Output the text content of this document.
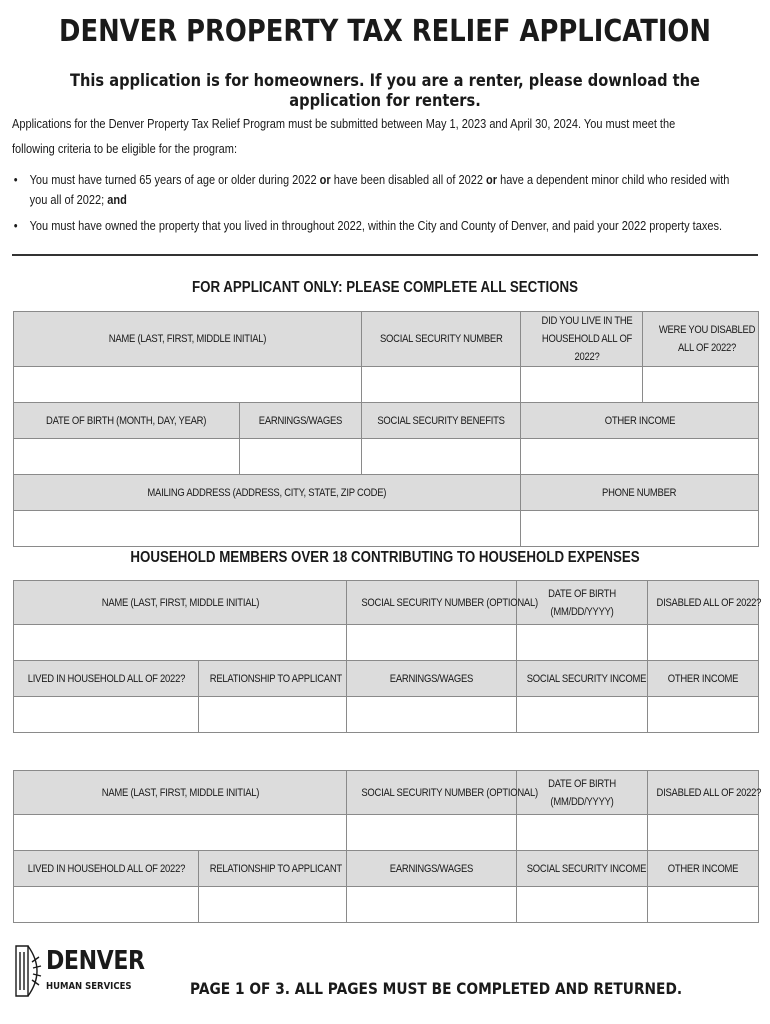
DENVER PROPERTY TAX RELIEF APPLICATION
This application is for homeowners. If you are a renter, please download the application for renters.
Applications for the Denver Property Tax Relief Program must be submitted between May 1, 2023 and April 30, 2024. You must meet the
following criteria to be eligible for the program:
• You must have turned 65 years of age or older during 2022 or have been disabled all of 2022 or have a dependent minor child who resided with
you all of 2022; and
• You must have owned the property that you lived in throughout 2022, within the City and County of Denver, and paid your 2022 property taxes.
FOR APPLICANT ONLY: PLEASE COMPLETE ALL SECTIONS
NAME (LAST, FIRST, MIDDLE INITIAL)		SOCIAL SECURITY NUMBER	DID YOU LIVE IN THE HOUSEHOLD ALL OF 2022?	WERE YOU DISABLED ALL OF 2022?

DATE OF BIRTH (MONTH, DAY, YEAR)	EARNINGS/WAGES	SOCIAL SECURITY BENEFITS	OTHER INCOME	

MAILING ADDRESS (ADDRESS, CITY, STATE, ZIP CODE)			PHONE NUMBER	

HOUSEHOLD MEMBERS OVER 18 CONTRIBUTING TO HOUSEHOLD EXPENSES
NAME (LAST, FIRST, MIDDLE INITIAL)		SOCIAL SECURITY NUMBER (OPTIONAL)	DATE OF BIRTH (MM/DD/YYYY)	DISABLED ALL OF 2022?

LIVED IN HOUSEHOLD ALL OF 2022?	RELATIONSHIP TO APPLICANT	EARNINGS/WAGES	SOCIAL SECURITY INCOME	OTHER INCOME

NAME (LAST, FIRST, MIDDLE INITIAL)		SOCIAL SECURITY NUMBER (OPTIONAL)	DATE OF BIRTH (MM/DD/YYYY)	DISABLED ALL OF 2022?

LIVED IN HOUSEHOLD ALL OF 2022?	RELATIONSHIP TO APPLICANT	EARNINGS/WAGES	SOCIAL SECURITY INCOME	OTHER INCOME

DENVER
HUMAN SERVICES	PAGE 1 OF 3. ALL PAGES MUST BE COMPLETED AND RETURNED.
